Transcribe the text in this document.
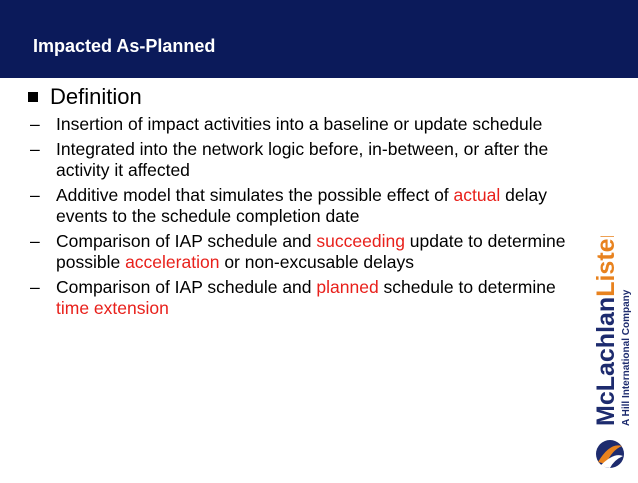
Impacted As-Planned
Definition
– Insertion of impact activities into a baseline or update schedule
– Integrated into the network logic before, in-between, or after the activity it affected
– Additive model that simulates the possible effect of actual delay events to the schedule completion date
– Comparison of IAP schedule and succeeding update to determine possible acceleration or non-excusable delays
– Comparison of IAP schedule and planned schedule to determine time extension	McLachlanLister
A Hill International Company
